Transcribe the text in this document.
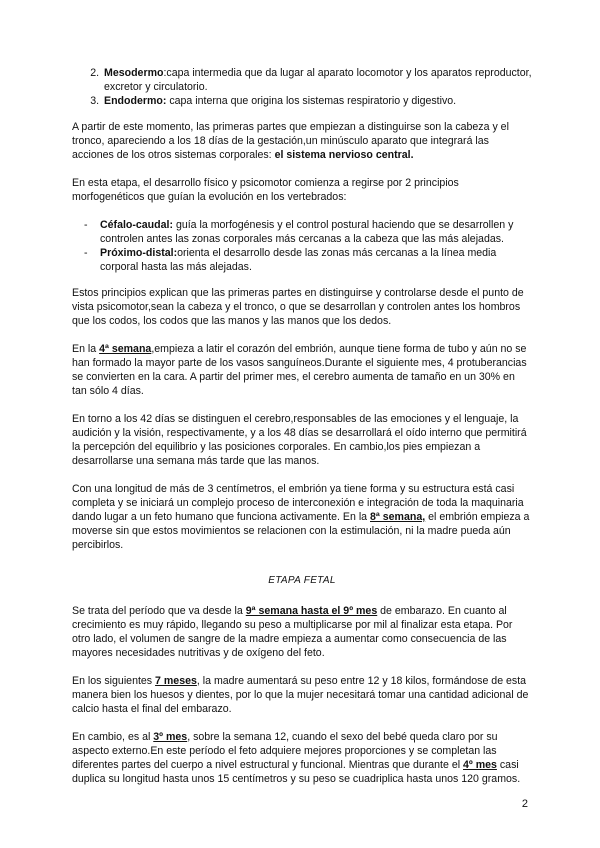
2. Mesodermo:capa intermedia que da lugar al aparato locomotor y los aparatos reproductor, excretor y circulatorio.
3. Endodermo: capa interna que origina los sistemas respiratorio y digestivo.

A partir de este momento, las primeras partes que empiezan a distinguirse son la cabeza y el tronco, apareciendo a los 18 días de la gestación,un minúsculo aparato que integrará las acciones de los otros sistemas corporales: el sistema nervioso central.

En esta etapa, el desarrollo físico y psicomotor comienza a regirse por 2 principios morfogenéticos que guían la evolución en los vertebrados:

- Céfalo-caudal: guía la morfogénesis y el control postural haciendo que se desarrollen y controlen antes las zonas corporales más cercanas a la cabeza que las más alejadas.
- Próximo-distal:orienta el desarrollo desde las zonas más cercanas a la línea media corporal hasta las más alejadas.

Estos principios explican que las primeras partes en distinguirse y controlarse desde el punto de vista psicomotor,sean la cabeza y el tronco, o que se desarrollan y controlen antes los hombros que los codos, los codos que las manos y las manos que los dedos.

En la 4ª semana,empieza a latir el corazón del embrión, aunque tiene forma de tubo y aún no se han formado la mayor parte de los vasos sanguíneos.Durante el siguiente mes, 4 protuberancias se convierten en la cara. A partir del primer mes, el cerebro aumenta de tamaño en un 30% en tan sólo 4 días.

En torno a los 42 días se distinguen el cerebro,responsables de las emociones y el lenguaje, la audición y la visión, respectivamente, y a los 48 días se desarrollará el oído interno que permitirá la percepción del equilibrio y las posiciones corporales. En cambio,los pies empiezan a desarrollarse una semana más tarde que las manos.

Con una longitud de más de 3 centímetros, el embrión ya tiene forma y su estructura está casi completa y se iniciará un complejo proceso de interconexión e integración de toda la maquinaria dando lugar a un feto humano que funciona activamente. En la 8ª semana, el embrión empieza a moverse sin que estos movimientos se relacionen con la estimulación, ni la madre pueda aún percibirlos.

ETAPA FETAL

Se trata del período que va desde la 9ª semana hasta el 9º mes de embarazo. En cuanto al crecimiento es muy rápido, llegando su peso a multiplicarse por mil al finalizar esta etapa. Por otro lado, el volumen de sangre de la madre empieza a aumentar como consecuencia de las mayores necesidades nutritivas y de oxígeno del feto.

En los siguientes 7 meses, la madre aumentará su peso entre 12 y 18 kilos, formándose de esta manera bien los huesos y dientes, por lo que la mujer necesitará tomar una cantidad adicional de calcio hasta el final del embarazo.

En cambio, es al 3º mes, sobre la semana 12, cuando el sexo del bebé queda claro por su aspecto externo.En este período el feto adquiere mejores proporciones y se completan las diferentes partes del cuerpo a nivel estructural y funcional. Mientras que durante el 4º mes casi duplica su longitud hasta unos 15 centímetros y su peso se cuadriplica hasta unos 120 gramos.

2
